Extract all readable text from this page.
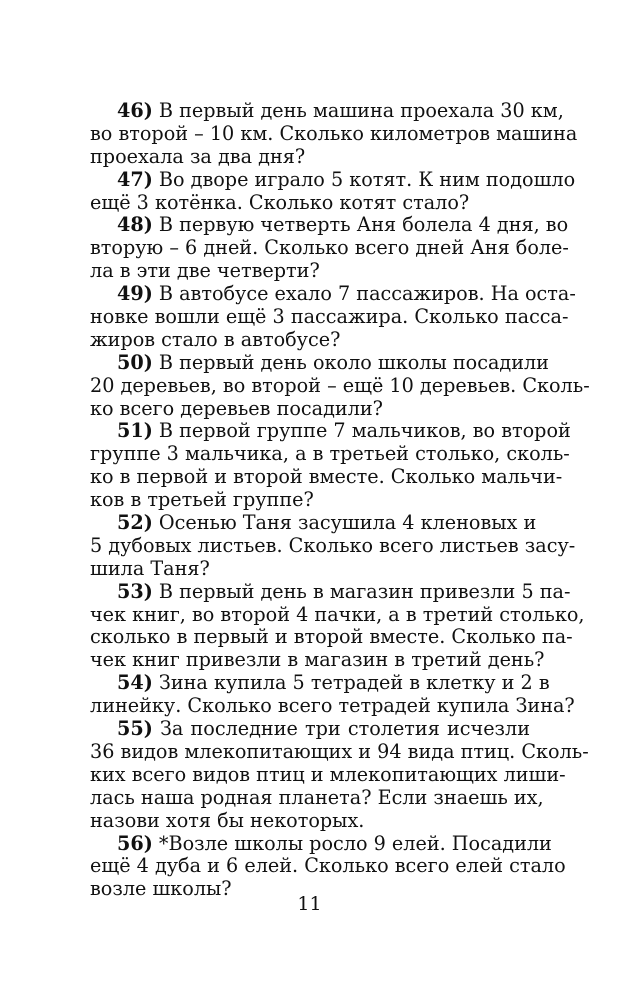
46) В первый день машина проехала 30 км,
во второй – 10 км. Сколько километров машина
проехала за два дня?
47) Во дворе играло 5 котят. К ним подошло
ещё 3 котёнка. Сколько котят стало?
48) В первую четверть Аня болела 4 дня, во
вторую – 6 дней. Сколько всего дней Аня боле-
ла в эти две четверти?
49) В автобусе ехало 7 пассажиров. На оста-
новке вошли ещё 3 пассажира. Сколько пасса-
жиров стало в автобусе?
50) В первый день около школы посадили
20 деревьев, во второй – ещё 10 деревьев. Сколь-
ко всего деревьев посадили?
51) В первой группе 7 мальчиков, во второй
группе 3 мальчика, а в третьей столько, сколь-
ко в первой и второй вместе. Сколько мальчи-
ков в третьей группе?
52) Осенью Таня засушила 4 кленовых и
5 дубовых листьев. Сколько всего листьев засу-
шила Таня?
53) В первый день в магазин привезли 5 па-
чек книг, во второй 4 пачки, а в третий столько,
сколько в первый и второй вместе. Сколько па-
чек книг привезли в магазин в третий день?
54) Зина купила 5 тетрадей в клетку и 2 в
линейку. Сколько всего тетрадей купила Зина?
55) За последние три столетия исчезли
36 видов млекопитающих и 94 вида птиц. Сколь-
ких всего видов птиц и млекопитающих лиши-
лась наша родная планета? Если знаешь их,
назови хотя бы некоторых.
56) *Возле школы росло 9 елей. Посадили
ещё 4 дуба и 6 елей. Сколько всего елей стало
возле школы?
11
